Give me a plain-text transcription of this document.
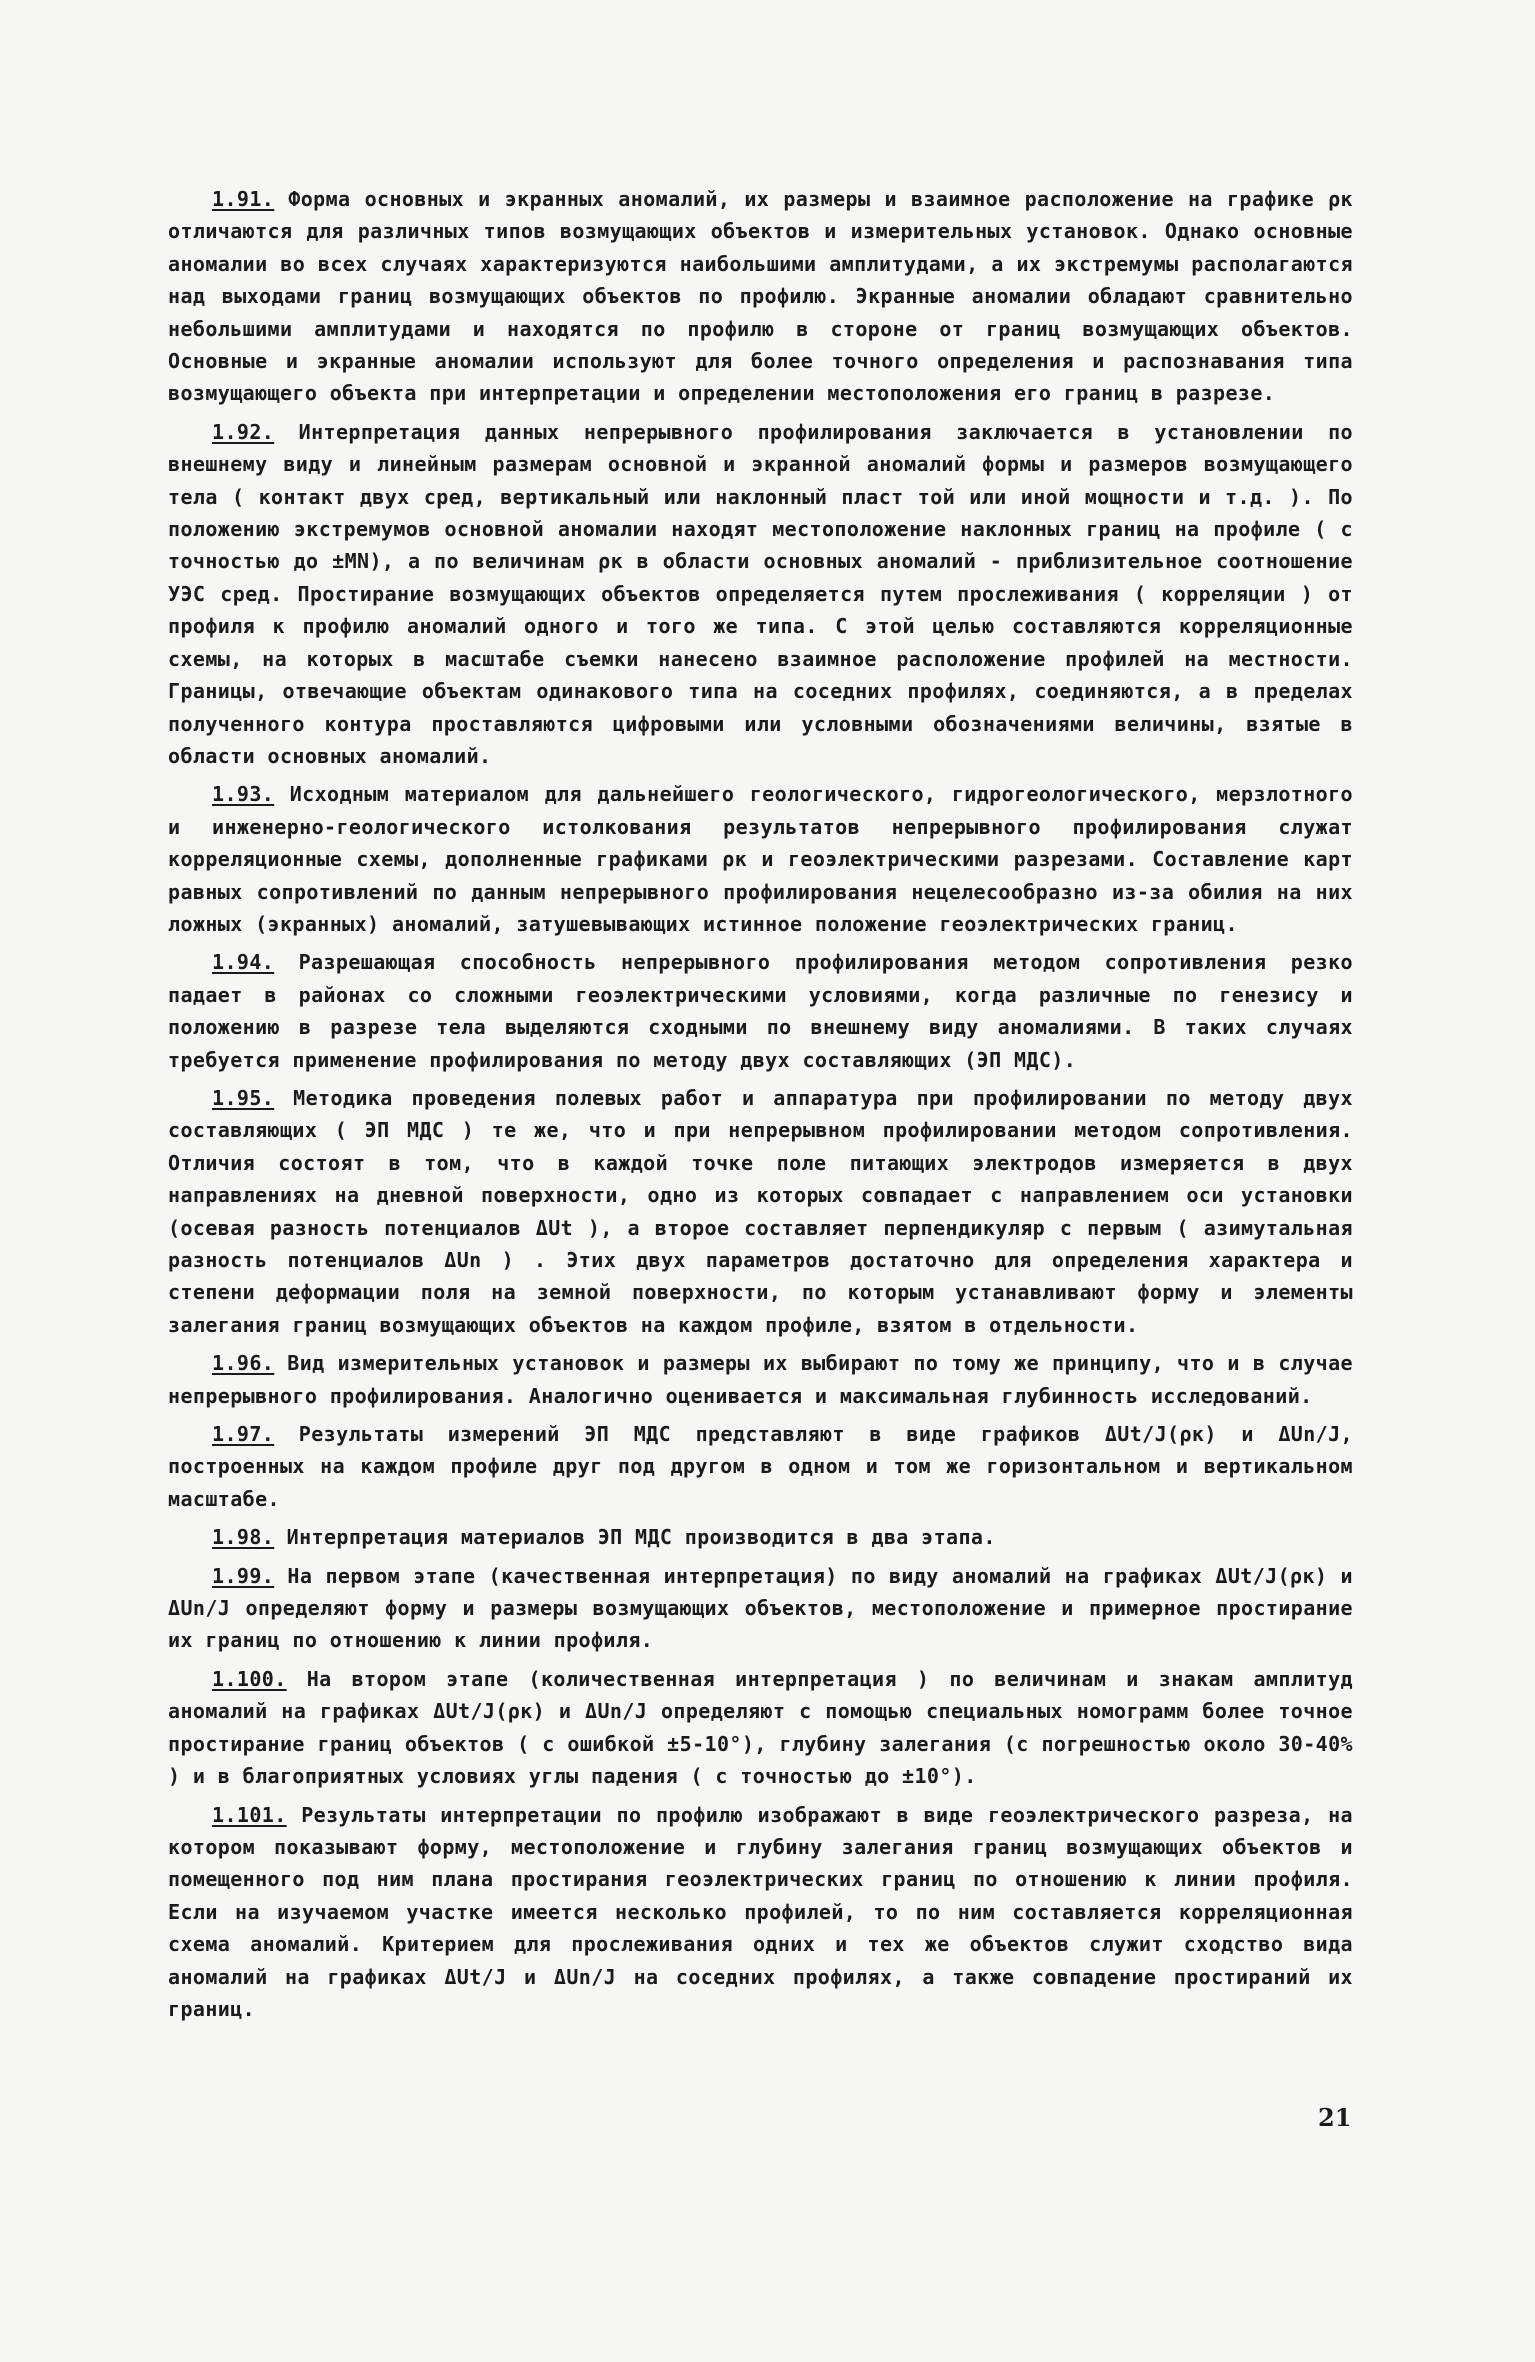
1.91. Форма основных и экранных аномалий, их размеры и взаимное расположение на графике ρк отличаются для различных типов возмущающих объектов и измерительных установок. Однако основные аномалии во всех случаях характеризуются наибольшими амплитудами, а их экстремумы располагаются над выходами границ возмущающих объектов по профилю. Экранные аномалии обладают сравнительно небольшими амплитудами и находятся по профилю в стороне от границ возмущающих объектов. Основные и экранные аномалии используют для более точного определения и распознавания типа возмущающего объекта при интерпретации и определении местоположения его границ в разрезе.

1.92. Интерпретация данных непрерывного профилирования заключается в установлении по внешнему виду и линейным размерам основной и экранной аномалий формы и размеров возмущающего тела ( контакт двух сред, вертикальный или наклонный пласт той или иной мощности и т.д. ). По положению экстремумов основной аномалии находят местоположение наклонных границ на профиле ( с точностью до ±MN), а по величинам ρк в области основных аномалий - приблизительное соотношение УЭС сред. Простирание возмущающих объектов определяется путем прослеживания ( корреляции ) от профиля к профилю аномалий одного и того же типа. С этой целью составляются корреляционные схемы, на которых в масштабе съемки нанесено взаимное расположение профилей на местности. Границы, отвечающие объектам одинакового типа на соседних профилях, соединяются, а в пределах полученного контура проставляются цифровыми или условными обозначениями величины, взятые в области основных аномалий.

1.93. Исходным материалом для дальнейшего геологического, гидрогеологического, мерзлотного и инженерно-геологического истолкования результатов непрерывного профилирования служат корреляционные схемы, дополненные графиками ρк и геоэлектрическими разрезами. Составление карт равных сопротивлений по данным непрерывного профилирования нецелесообразно из-за обилия на них ложных (экранных) аномалий, затушевывающих истинное положение геоэлектрических границ.

1.94. Разрешающая способность непрерывного профилирования методом сопротивления резко падает в районах со сложными геоэлектрическими условиями, когда различные по генезису и положению в разрезе тела выделяются сходными по внешнему виду аномалиями. В таких случаях требуется применение профилирования по методу двух составляющих (ЭП МДС).

1.95. Методика проведения полевых работ и аппаратура при профилировании по методу двух составляющих ( ЭП МДС ) те же, что и при непрерывном профилировании методом сопротивления. Отличия состоят в том, что в каждой точке поле питающих электродов измеряется в двух направлениях на дневной поверхности, одно из которых совпадает с направлением оси установки (осевая разность потенциалов ΔUt ), а второе составляет перпендикуляр с первым ( азимутальная разность потенциалов ΔUn ) . Этих двух параметров достаточно для определения характера и степени деформации поля на земной поверхности, по которым устанавливают форму и элементы залегания границ возмущающих объектов на каждом профиле, взятом в отдельности.

1.96. Вид измерительных установок и размеры их выбирают по тому же принципу, что и в случае непрерывного профилирования. Аналогично оценивается и максимальная глубинность исследований.

1.97. Результаты измерений ЭП МДС представляют в виде графиков ΔUt/J(ρк) и ΔUn/J, построенных на каждом профиле друг под другом в одном и том же горизонтальном и вертикальном масштабе.

1.98. Интерпретация материалов ЭП МДС производится в два этапа.

1.99. На первом этапе (качественная интерпретация) по виду аномалий на графиках ΔUt/J(ρк) и ΔUn/J определяют форму и размеры возмущающих объектов, местоположение и примерное простирание их границ по отношению к линии профиля.

1.100. На втором этапе (количественная интерпретация ) по величинам и знакам амплитуд аномалий на графиках ΔUt/J(ρк) и ΔUn/J определяют с помощью специальных номограмм более точное простирание границ объектов ( с ошибкой ±5-10°), глубину залегания (с погрешностью около 30-40% ) и в благоприятных условиях углы падения ( с точностью до ±10°).

1.101. Результаты интерпретации по профилю изображают в виде геоэлектрического разреза, на котором показывают форму, местоположение и глубину залегания границ возмущающих объектов и помещенного под ним плана простирания геоэлектрических границ по отношению к линии профиля. Если на изучаемом участке имеется несколько профилей, то по ним составляется корреляционная схема аномалий. Критерием для прослеживания одних и тех же объектов служит сходство вида аномалий на графиках ΔUt/J и ΔUn/J на соседних профилях, а также совпадение простираний их границ.

21
